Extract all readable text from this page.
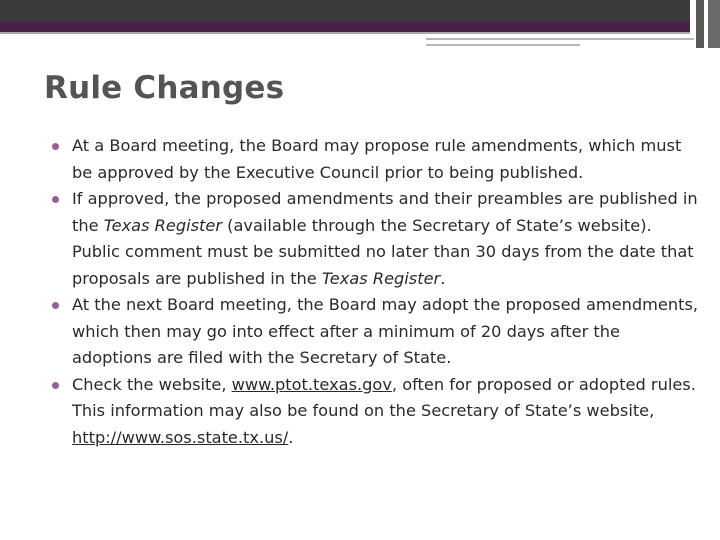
Rule Changes
At a Board meeting, the Board may propose rule amendments, which must be approved by the Executive Council prior to being published.
If approved, the proposed amendments and their preambles are published in the Texas Register (available through the Secretary of State’s website). Public comment must be submitted no later than 30 days from the date that proposals are published in the Texas Register.
At the next Board meeting, the Board may adopt the proposed amendments, which then may go into effect after a minimum of 20 days after the adoptions are filed with the Secretary of State.
Check the website, www.ptot.texas.gov, often for proposed or adopted rules. This information may also be found on the Secretary of State’s website, http://www.sos.state.tx.us/.
